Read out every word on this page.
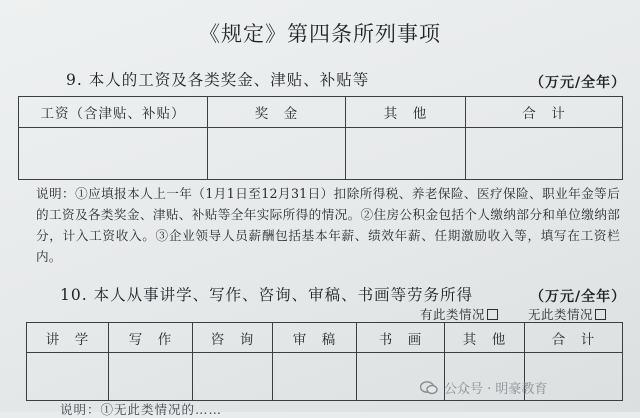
《规定》第四条所列事项
9. 本人的工资及各类奖金、津贴、补贴等	（万元/全年）
工资（含津贴、补贴）	奖　金	其　他	合　计

说明：①应填报本人上一年（1月1日至12月31日）扣除所得税、养老保险、医疗保险、职业年金等后的工资及各类奖金、津贴、补贴等全年实际所得的情况。②住房公积金包括个人缴纳部分和单位缴纳部分，计入工资收入。③企业领导人员薪酬包括基本年薪、绩效年薪、任期激励收入等，填写在工资栏内。
10. 本人从事讲学、写作、咨询、审稿、书画等劳务所得	（万元/全年）
有此类情况	无此类情况
讲　学	写　作	咨　询	审　稿	书　画	其　他	合　计

说明：①无此类情况的……
公众号 · 明豪教育
